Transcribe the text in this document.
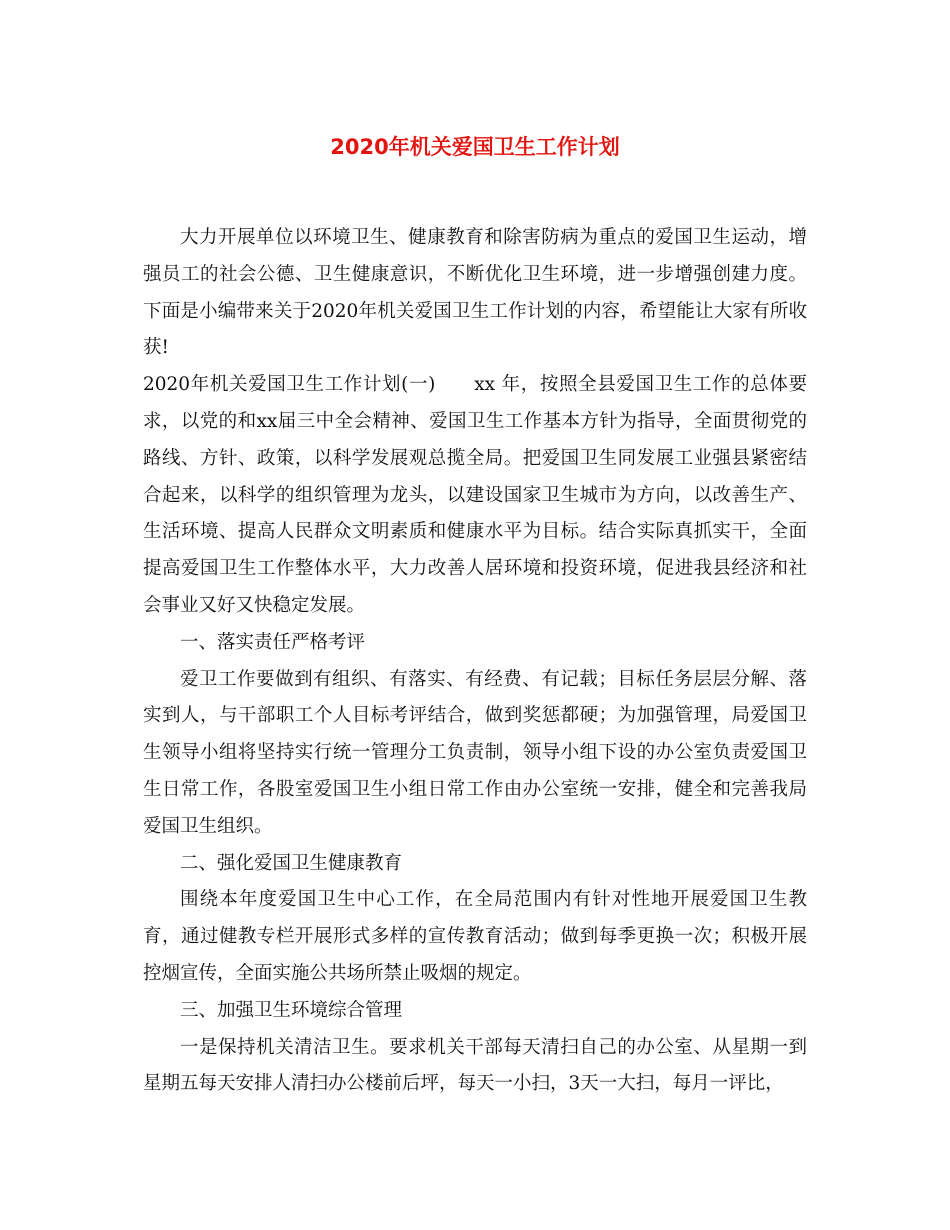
2020年机关爱国卫生工作计划

大力开展单位以环境卫生、健康教育和除害防病为重点的爱国卫生运动，增强员工的社会公德、卫生健康意识，不断优化卫生环境，进一步增强创建力度。下面是小编带来关于2020年机关爱国卫生工作计划的内容，希望能让大家有所收获!

2020年机关爱国卫生工作计划(一)　　xx 年，按照全县爱国卫生工作的总体要求，以党的和xx届三中全会精神、爱国卫生工作基本方针为指导，全面贯彻党的路线、方针、政策，以科学发展观总揽全局。把爱国卫生同发展工业强县紧密结合起来，以科学的组织管理为龙头，以建设国家卫生城市为方向，以改善生产、生活环境、提高人民群众文明素质和健康水平为目标。结合实际真抓实干，全面提高爱国卫生工作整体水平，大力改善人居环境和投资环境，促进我县经济和社会事业又好又快稳定发展。

一、落实责任严格考评

爱卫工作要做到有组织、有落实、有经费、有记载；目标任务层层分解、落实到人，与干部职工个人目标考评结合，做到奖惩都硬；为加强管理，局爱国卫生领导小组将坚持实行统一管理分工负责制，领导小组下设的办公室负责爱国卫生日常工作，各股室爱国卫生小组日常工作由办公室统一安排，健全和完善我局爱国卫生组织。

二、强化爱国卫生健康教育

围绕本年度爱国卫生中心工作，在全局范围内有针对性地开展爱国卫生教育，通过健教专栏开展形式多样的宣传教育活动；做到每季更换一次；积极开展控烟宣传，全面实施公共场所禁止吸烟的规定。

三、加强卫生环境综合管理

一是保持机关清洁卫生。要求机关干部每天清扫自己的办公室、从星期一到星期五每天安排人清扫办公楼前后坪，每天一小扫，3天一大扫，每月一评比，
